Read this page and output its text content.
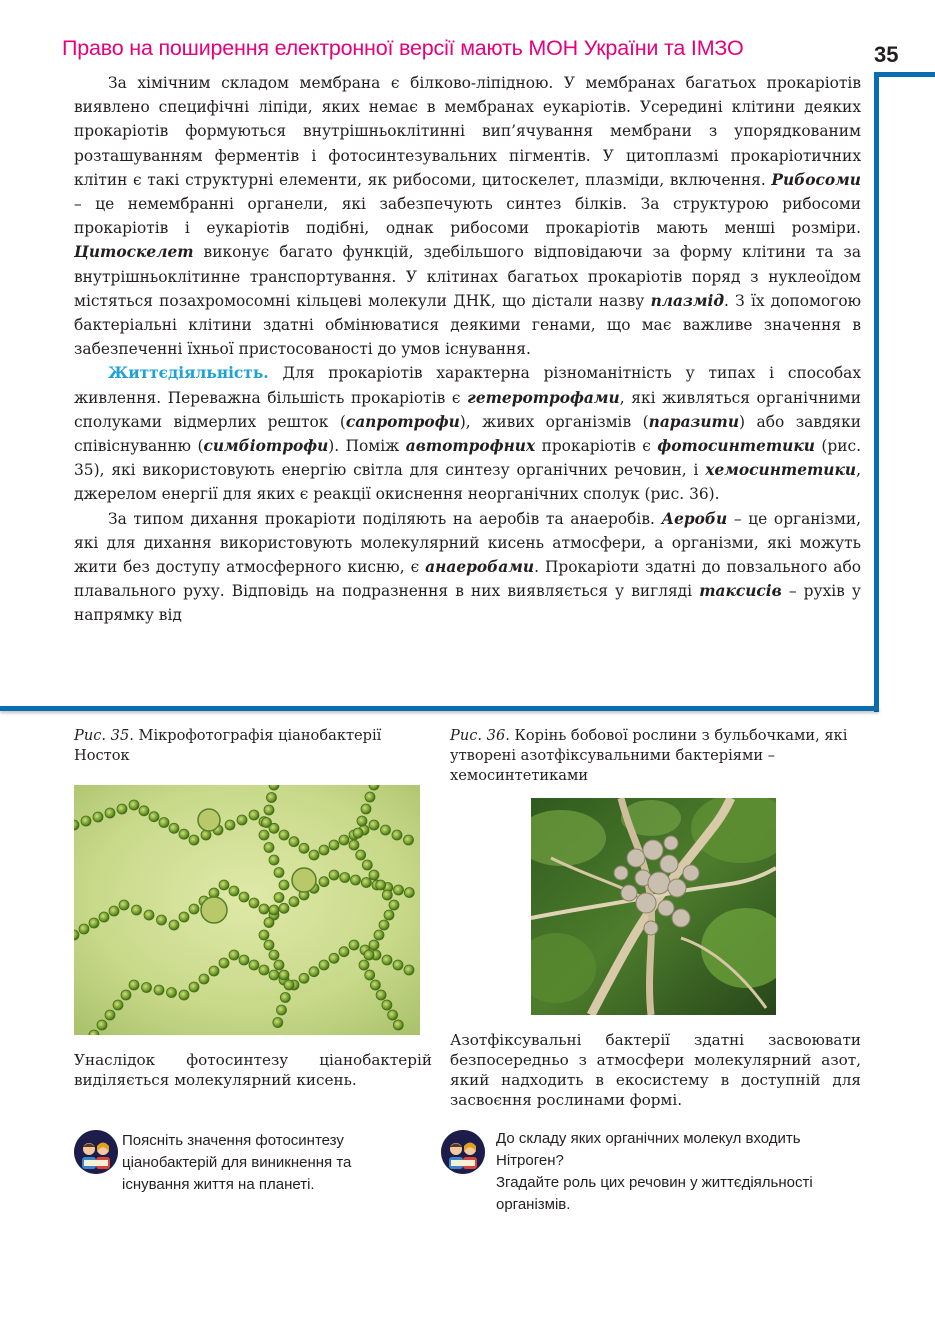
Право на поширення електронної версії мають МОН України та ІМЗО	35

За хімічним складом мембрана є білково-ліпідною. У мембранах багатьох прокаріотів виявлено специфічні ліпіди, яких немає в мембранах еукаріотів. Усередині клітини деяких прокаріотів формуються внутрішньоклітинні вип’ячування мембрани з упорядкованим розташуванням ферментів і фотосинтезувальних пігментів. У цитоплазмі прокаріотичних клітин є такі структурні елементи, як рибосоми, цитоскелет, плазміди, включення. Рибосоми – це немембранні органели, які забезпечують синтез білків. За структурою рибосоми прокаріотів і еукаріотів подібні, однак рибосоми прокаріотів мають менші розміри. Цитоскелет виконує багато функцій, здебільшого відповідаючи за форму клітини та за внутрішньоклітинне транспортування. У клітинах багатьох прокаріотів поряд з нуклеоїдом містяться позахромосомні кільцеві молекули ДНК, що дістали назву плазмід. З їх допомогою бактеріальні клітини здатні обмінюватися деякими генами, що має важливе значення в забезпеченні їхньої пристосованості до умов існування.

Життєдіяльність. Для прокаріотів характерна різноманітність у типах і способах живлення. Переважна більшість прокаріотів є гетеротрофами, які живляться органічними сполуками відмерлих решток (сапротрофи), живих організмів (паразити) або завдяки співіснуванню (симбіотрофи). Поміж автотрофних прокаріотів є фотосинтетики (рис. 35), які використовують енергію світла для синтезу органічних речовин, і хемосинтетики, джерелом енергії для яких є реакції окиснення неорганічних сполук (рис. 36).

За типом дихання прокаріоти поділяють на аеробів та анаеробів. Аероби – це організми, які для дихання використовують молекулярний кисень атмосфери, а організми, які можуть жити без доступу атмосферного кисню, є анаеробами. Прокаріоти здатні до повзального або плавального руху. Відповідь на подразнення в них виявляється у вигляді таксисів – рухів у напрямку від

Рис. 35. Мікрофотографія ціанобактерії Носток
Унаслідок фотосинтезу ціанобактерій виділяється молекулярний кисень.
Рис. 36. Корінь бобової рослини з бульбочками, які утворені азотфіксувальними бактеріями – хемосинтетиками
Азотфіксувальні бактерії здатні засвоювати безпосередньо з атмосфери молекулярний азот, який надходить в екосистему в доступній для засвоєння рослинами формі.
Поясніть значення фотосинтезу ціанобактерій для виникнення та існування життя на планеті.
До складу яких органічних молекул входить Нітроген?
Згадайте роль цих речовин у життєдіяльності організмів.
